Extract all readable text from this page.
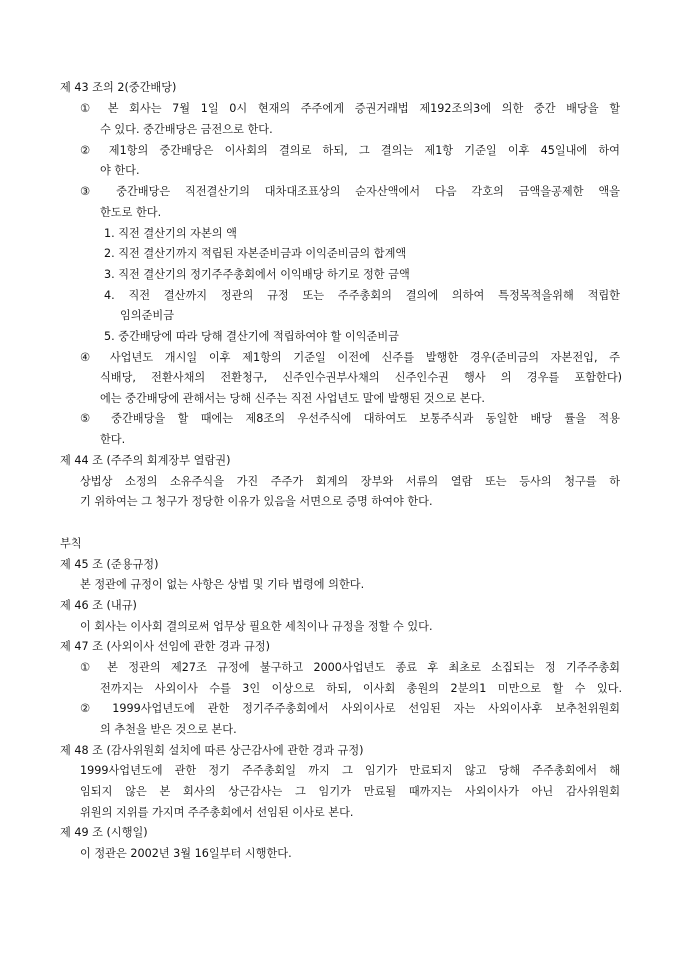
제 43 조의 2(중간배당)
① 본 회사는 7월 1일 0시 현재의 주주에게 증권거래법 제192조의3에 의한 중간 배당을 할
수 있다. 중간배당은 금전으로 한다.
② 제1항의 중간배당은 이사회의 결의로 하되, 그 결의는 제1항 기준일 이후 45일내에 하여
야 한다.
③ 중간배당은 직전결산기의 대차대조표상의 순자산액에서 다음 각호의 금액을공제한 액을
한도로 한다.
1. 직전 결산기의 자본의 액
2. 직전 결산기까지 적립된 자본준비금과 이익준비금의 합계액
3. 직전 결산기의 정기주주총회에서 이익배당 하기로 정한 금액
4. 직전 결산까지 정관의 규정 또는 주주총회의 결의에 의하여 특정목적을위해 적립한
임의준비금
5. 중간배당에 따라 당해 결산기에 적립하여야 할 이익준비금
④ 사업년도 개시일 이후 제1항의 기준일 이전에 신주를 발행한 경우(준비금의 자본전입, 주
식배당, 전환사채의 전환청구, 신주인수권부사채의 신주인수권 행사 의 경우를 포함한다)
에는 중간배당에 관해서는 당해 신주는 직전 사업년도 말에 발행된 것으로 본다.
⑤ 중간배당을 할 때에는 제8조의 우선주식에 대하여도 보통주식과 동일한 배당 률을 적용
한다.
제 44 조 (주주의 회계장부 열람권)
상법상 소정의 소유주식을 가진 주주가 회계의 장부와 서류의 열람 또는 등사의 청구를 하
기 위하여는 그 청구가 정당한 이유가 있음을 서면으로 증명 하여야 한다.
부칙
제 45 조 (준용규정)
본 정관에 규정이 없는 사항은 상법 및 기타 법령에 의한다.
제 46 조 (내규)
이 회사는 이사회 결의로써 업무상 필요한 세칙이나 규정을 정할 수 있다.
제 47 조 (사외이사 선임에 관한 경과 규정)
① 본 정관의 제27조 규정에 불구하고 2000사업년도 종료 후 최초로 소집되는 정 기주주총회
전까지는 사외이사 수를 3인 이상으로 하되, 이사회 총원의 2분의1 미만으로 할 수 있다.
② 1999사업년도에 관한 정기주주총회에서 사외이사로 선임된 자는 사외이사후 보추천위원회
의 추천을 받은 것으로 본다.
제 48 조 (감사위원회 설치에 따른 상근감사에 관한 경과 규정)
1999사업년도에 관한 정기 주주총회일 까지 그 임기가 만료되지 않고 당해 주주총회에서 해
임되지 않은 본 회사의 상근감사는 그 임기가 만료될 때까지는 사외이사가 아닌 감사위원회
위원의 지위를 가지며 주주총회에서 선임된 이사로 본다.
제 49 조 (시행일)
이 정관은 2002년 3월 16일부터 시행한다.
